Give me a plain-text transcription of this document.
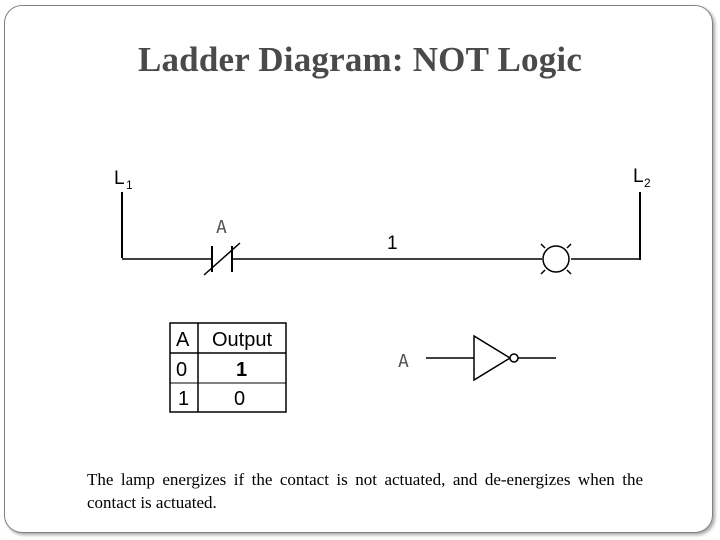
Ladder Diagram: NOT Logic
L 1	L 2
A
1
A Output
0 1
1 0
A
The lamp energizes if the contact is not actuated, and de-energizes when the contact is actuated.
